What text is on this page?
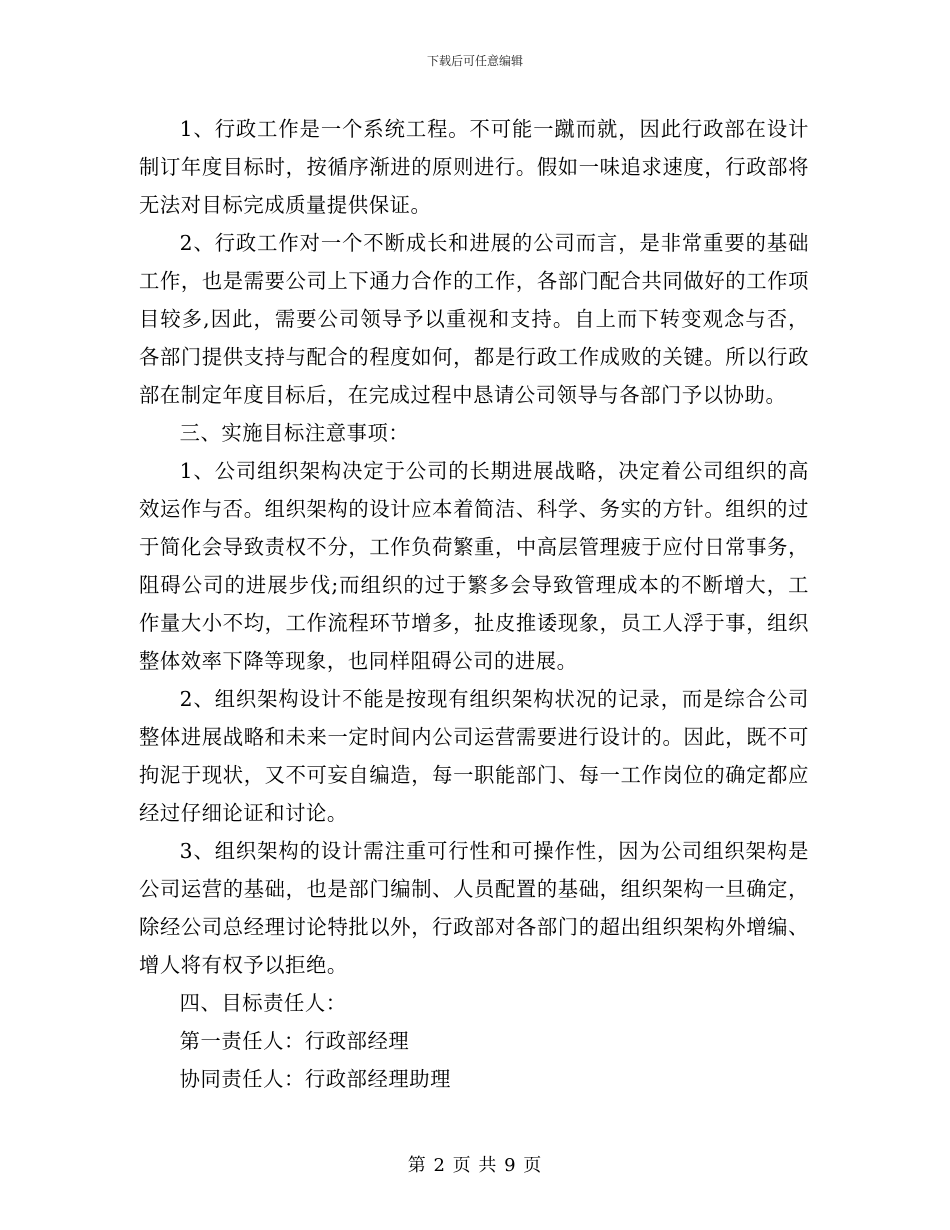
下载后可任意编辑

1、行政工作是一个系统工程。不可能一蹴而就，因此行政部在设计制订年度目标时，按循序渐进的原则进行。假如一味追求速度，行政部将无法对目标完成质量提供保证。

2、行政工作对一个不断成长和进展的公司而言，是非常重要的基础工作，也是需要公司上下通力合作的工作，各部门配合共同做好的工作项目较多,因此，需要公司领导予以重视和支持。自上而下转变观念与否，各部门提供支持与配合的程度如何，都是行政工作成败的关键。所以行政部在制定年度目标后，在完成过程中恳请公司领导与各部门予以协助。

三、实施目标注意事项：

1、公司组织架构决定于公司的长期进展战略，决定着公司组织的高效运作与否。组织架构的设计应本着简洁、科学、务实的方针。组织的过于简化会导致责权不分，工作负荷繁重，中高层管理疲于应付日常事务，阻碍公司的进展步伐;而组织的过于繁多会导致管理成本的不断增大，工作量大小不均，工作流程环节增多，扯皮推诿现象，员工人浮于事，组织整体效率下降等现象，也同样阻碍公司的进展。

2、组织架构设计不能是按现有组织架构状况的记录，而是综合公司整体进展战略和未来一定时间内公司运营需要进行设计的。因此，既不可拘泥于现状，又不可妄自编造，每一职能部门、每一工作岗位的确定都应经过仔细论证和讨论。

3、组织架构的设计需注重可行性和可操作性，因为公司组织架构是公司运营的基础，也是部门编制、人员配置的基础，组织架构一旦确定，除经公司总经理讨论特批以外，行政部对各部门的超出组织架构外增编、增人将有权予以拒绝。

四、目标责任人：

第一责任人：行政部经理

协同责任人：行政部经理助理

第 2 页 共 9 页
